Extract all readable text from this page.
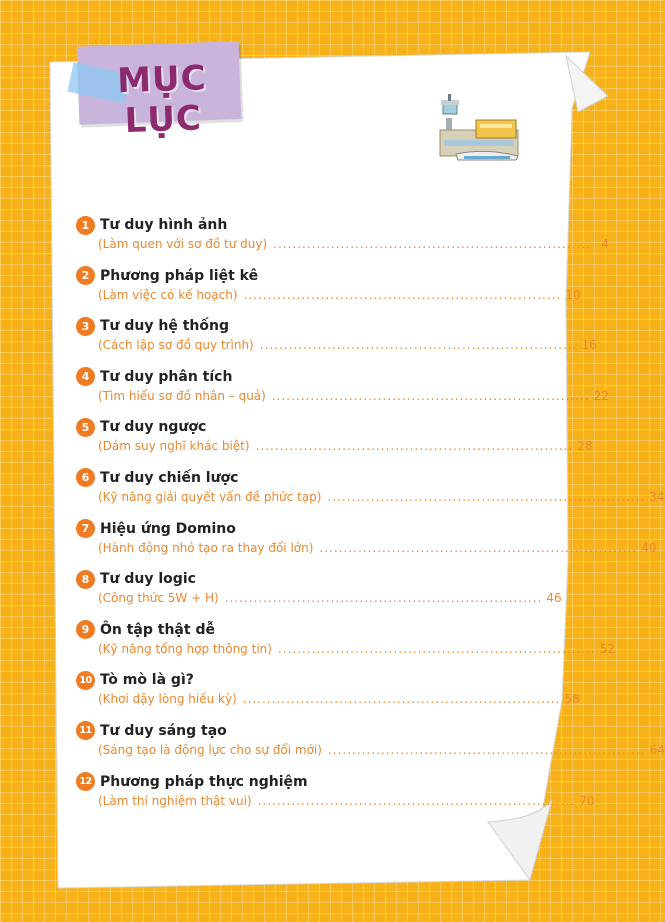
MỤC LỤC
1 Tư duy hình ảnh
(Làm quen với sơ đồ tư duy) .................................................................. 4
2 Phương pháp liệt kê
(Làm việc có kế hoạch) .................................................................. 10
3 Tư duy hệ thống
(Cách lập sơ đồ quy trình) .................................................................. 16
4 Tư duy phân tích
(Tìm hiểu sơ đồ nhân – quả) .................................................................. 22
5 Tư duy ngược
(Dám suy nghĩ khác biệt) .................................................................. 28
6 Tư duy chiến lược
(Kỹ năng giải quyết vấn đề phức tạp) .................................................................. 34
7 Hiệu ứng Domino
(Hành động nhỏ tạo ra thay đổi lớn) .................................................................. 40
8 Tư duy logic
(Công thức 5W + H) .................................................................. 46
9 Ôn tập thật dễ
(Kỹ năng tổng hợp thông tin) .................................................................. 52
10 Tò mò là gì?
(Khơi dậy lòng hiếu kỳ) .................................................................. 58
11 Tư duy sáng tạo
(Sáng tạo là động lực cho sự đổi mới) .................................................................. 64
12 Phương pháp thực nghiệm
(Làm thí nghiệm thật vui) .................................................................. 70
